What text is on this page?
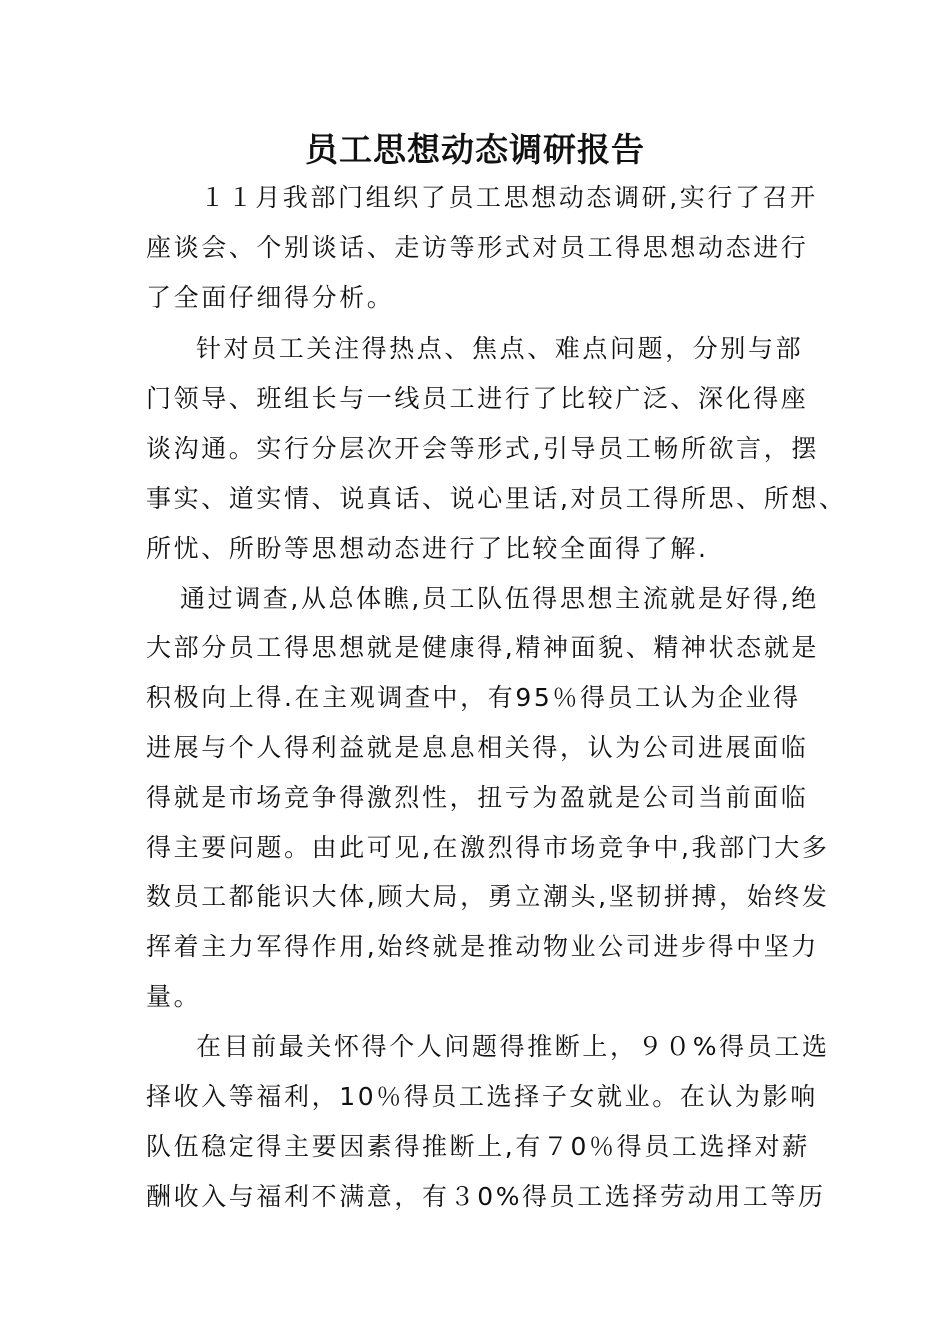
员工思想动态调研报告
１１月我部门组织了员工思想动态调研,实行了召开
座谈会、个别谈话、走访等形式对员工得思想动态进行
了全面仔细得分析。
针对员工关注得热点、焦点、难点问题，分别与部
门领导、班组长与一线员工进行了比较广泛、深化得座
谈沟通。实行分层次开会等形式,引导员工畅所欲言，摆
事实、道实情、说真话、说心里话,对员工得所思、所想、
所忧、所盼等思想动态进行了比较全面得了解.
通过调查,从总体瞧,员工队伍得思想主流就是好得,绝
大部分员工得思想就是健康得,精神面貌、精神状态就是
积极向上得.在主观调查中，有95％得员工认为企业得
进展与个人得利益就是息息相关得，认为公司进展面临
得就是市场竞争得激烈性，扭亏为盈就是公司当前面临
得主要问题。由此可见,在激烈得市场竞争中,我部门大多
数员工都能识大体,顾大局，勇立潮头,坚韧拼搏，始终发
挥着主力军得作用,始终就是推动物业公司进步得中坚力
量。
在目前最关怀得个人问题得推断上，９０%得员工选
择收入等福利，10％得员工选择子女就业。在认为影响
队伍稳定得主要因素得推断上,有７0％得员工选择对薪
酬收入与福利不满意，有３0%得员工选择劳动用工等历
